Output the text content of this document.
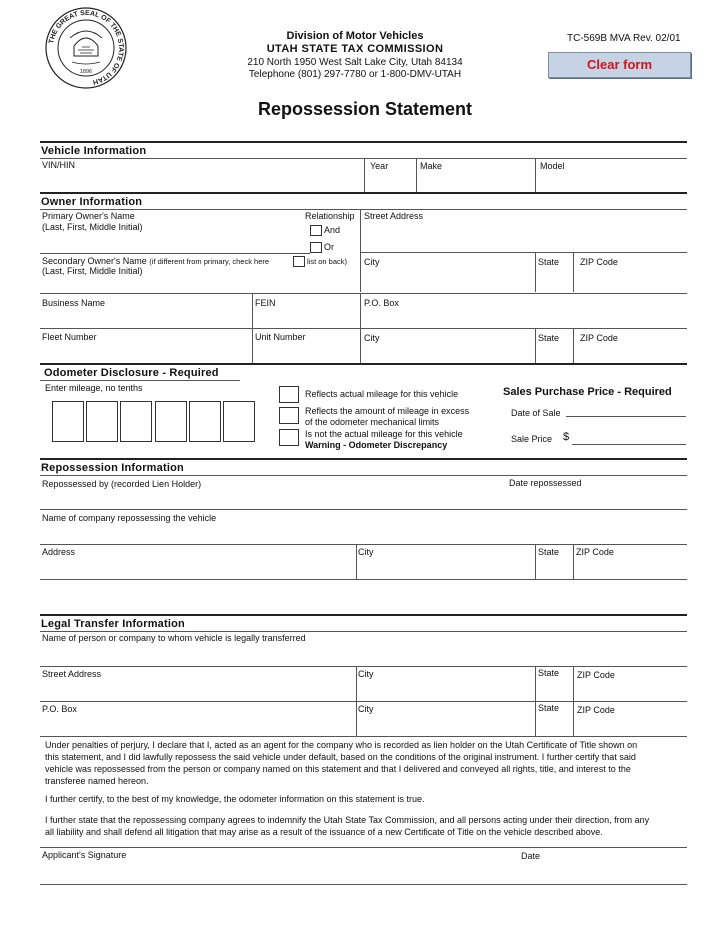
THE GREAT SEAL OF THE STATE OF UTAH
1896
Division of Motor Vehicles
UTAH STATE TAX COMMISSION
210 North 1950 West Salt Lake City, Utah 84134
Telephone (801) 297-7780 or 1-800-DMV-UTAH
TC-569B MVA Rev. 02/01
Clear form
Repossession Statement
Vehicle Information
VIN/HIN	Year	Make	Model
Owner Information
Primary Owner's Name
(Last, First, Middle Initial)
Relationship Street Address
And
Or
Secondary Owner's Name (if different from primary, check here	list on back)
(Last, First, Middle Initial)
City	State ZIP Code
Business Name	FEIN	P.O. Box
Fleet Number	Unit Number	City	State ZIP Code
Odometer Disclosure - Required
Enter mileage, no tenths
Reflects actual mileage for this vehicle
Reflects the amount of mileage in excess
of the odometer mechanical limits
Is not the actual mileage for this vehicle
Warning - Odometer Discrepancy
Sales Purchase Price - Required
Date of Sale
Sale Price $
Repossession Information
Repossessed by (recorded Lien Holder)	Date repossessed
Name of company repossessing the vehicle
Address	City	State ZIP Code
Legal Transfer Information
Name of person or company to whom vehicle is legally transferred
Street Address	City	State ZIP Code
P.O. Box	City	State ZIP Code
Under penalties of perjury, I declare that I, acted as an agent for the company who is recorded as lien holder on the Utah Certificate of Title shown on
this statement, and I did lawfully repossess the said vehicle under default, based on the conditions of the original instrument. I further certify that said
vehicle was repossessed from the person or company named on this statement and that I delivered and conveyed all rights, title, and interest to the
transferee named hereon.
I further certify, to the best of my knowledge, the odometer information on this statement is true.
I further state that the repossessing company agrees to indemnify the Utah State Tax Commission, and all persons acting under their direction, from any
all liability and shall defend all litigation that may arise as a result of the issuance of a new Certificate of Title on the vehicle described above.
Applicant's Signature	Date
